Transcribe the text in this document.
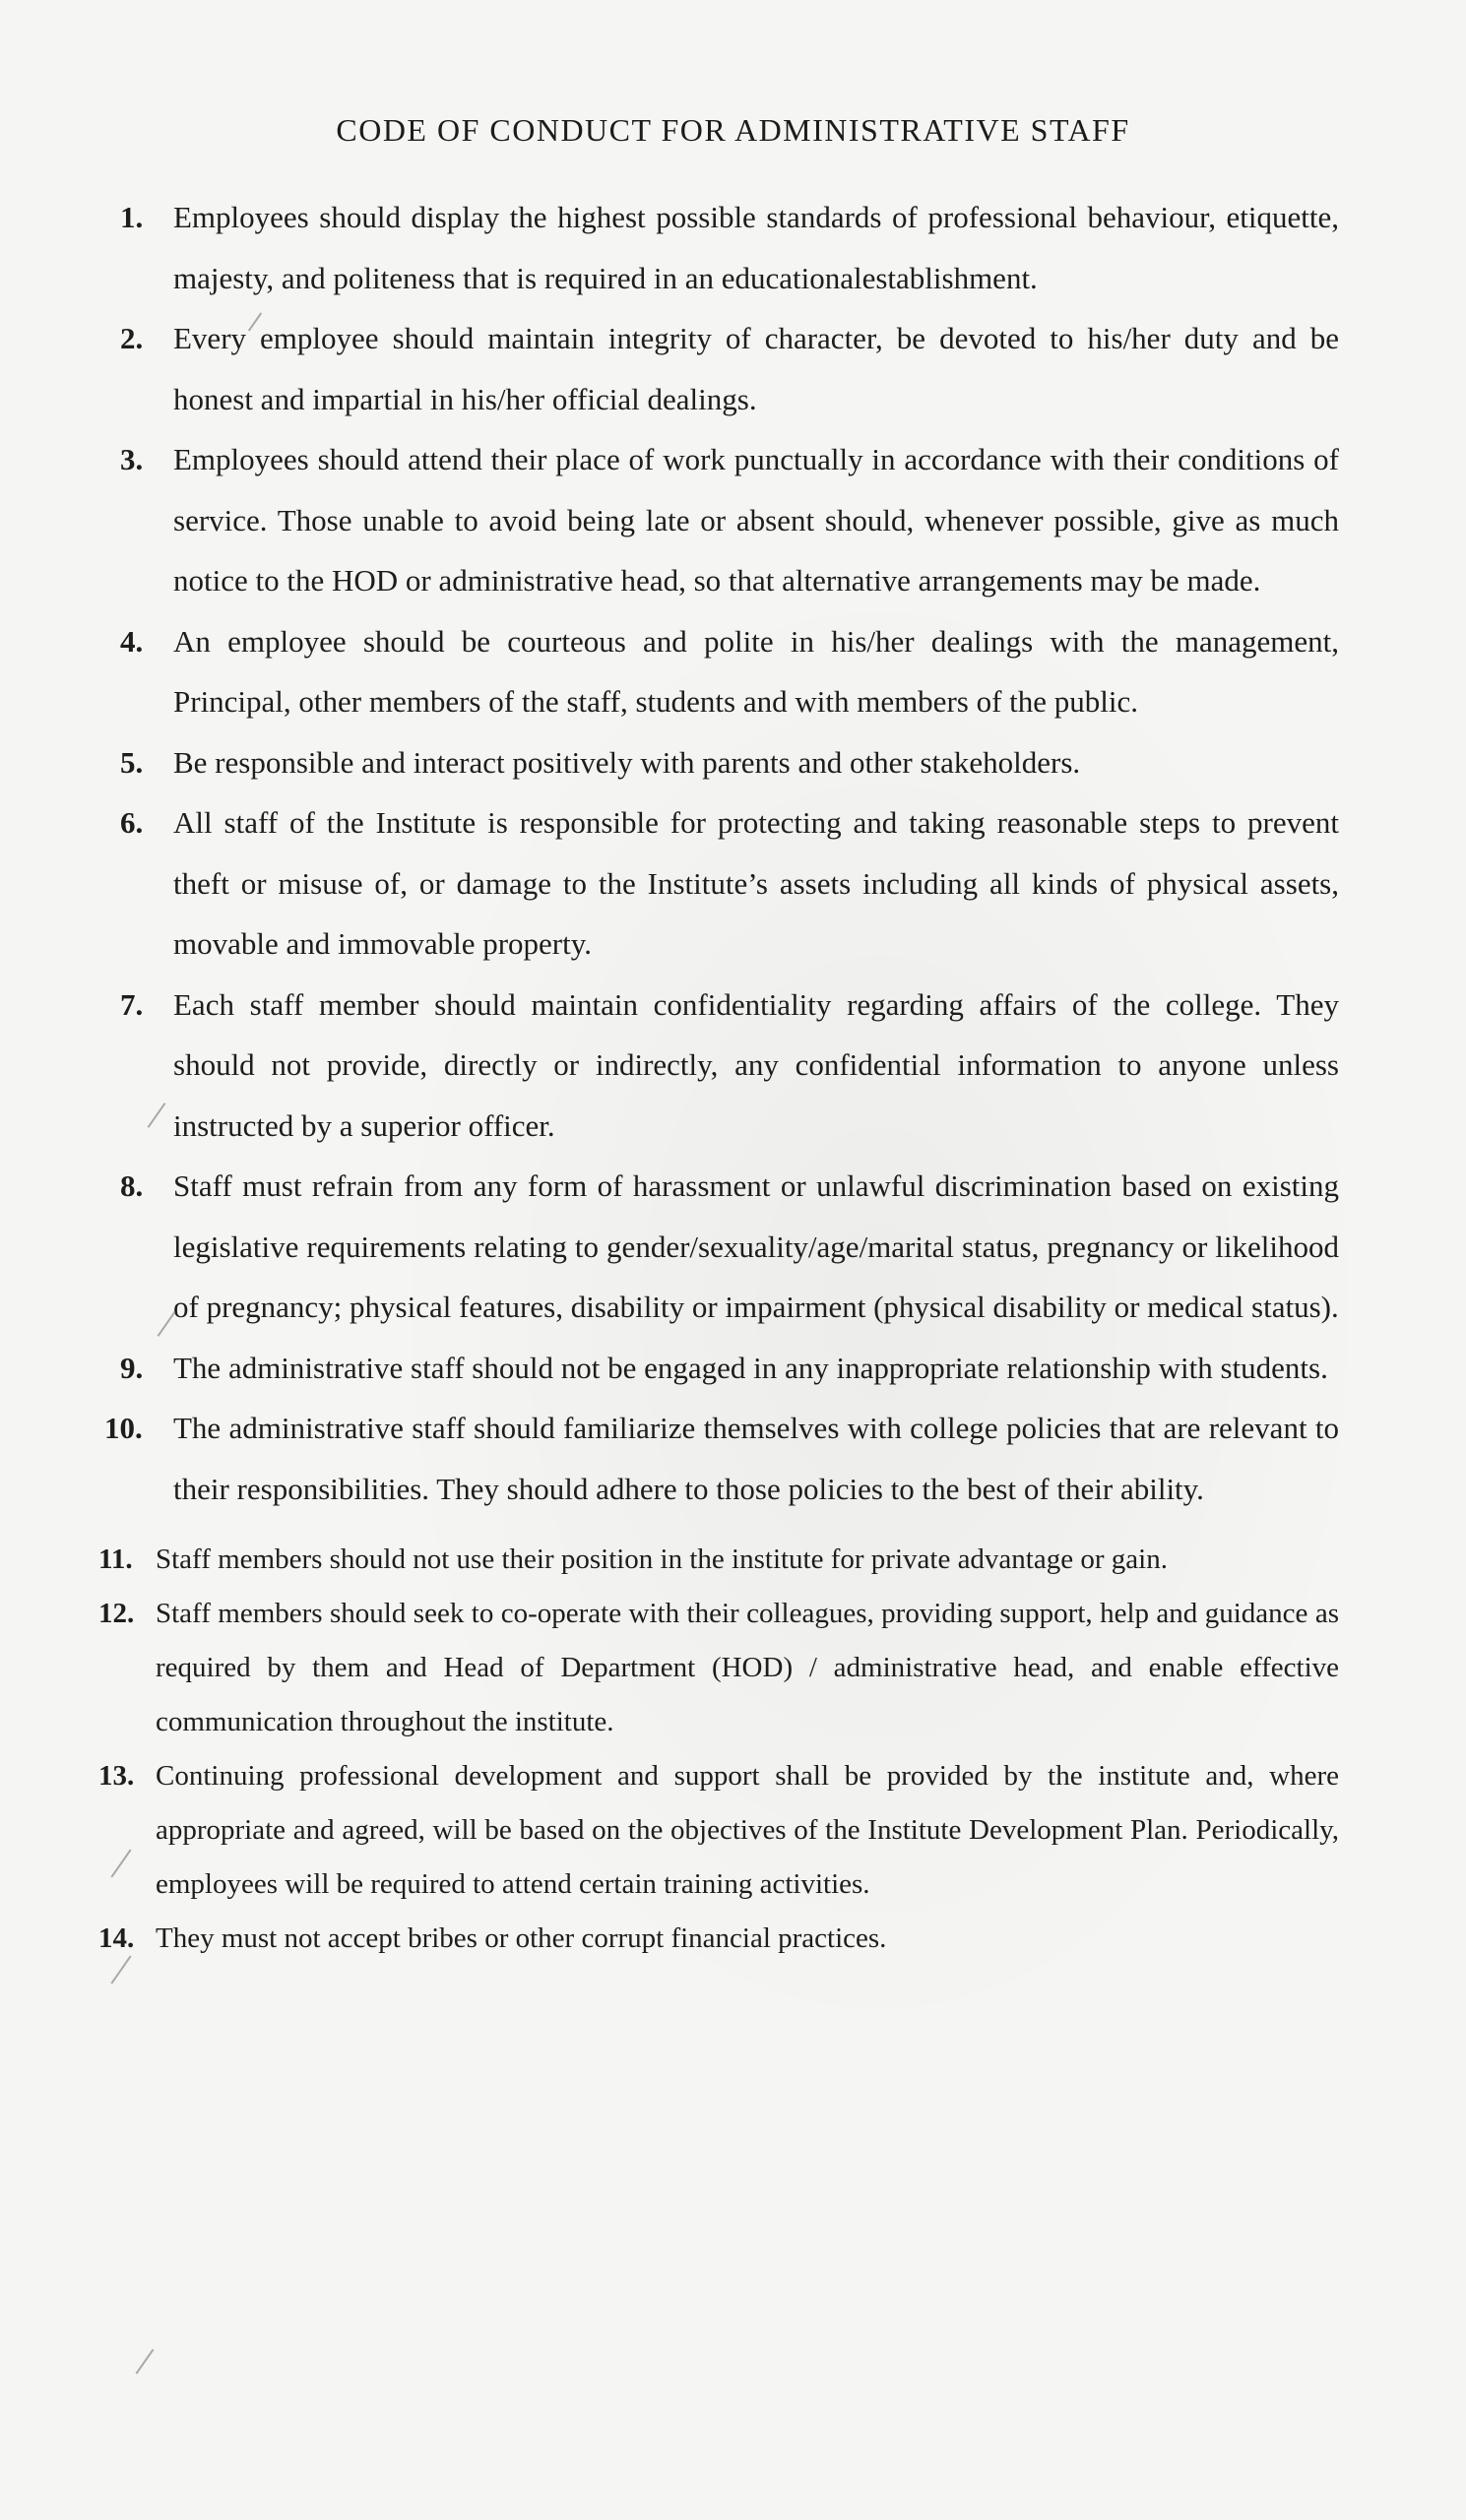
CODE OF CONDUCT FOR ADMINISTRATIVE STAFF
1. Employees should display the highest possible standards of professional behaviour, etiquette, majesty, and politeness that is required in an educationalestablishment.
2. Every employee should maintain integrity of character, be devoted to his/her duty and be honest and impartial in his/her official dealings.
3. Employees should attend their place of work punctually in accordance with their conditions of service. Those unable to avoid being late or absent should, whenever possible, give as much notice to the HOD or administrative head, so that alternative arrangements may be made.
4. An employee should be courteous and polite in his/her dealings with the management, Principal, other members of the staff, students and with members of the public.
5. Be responsible and interact positively with parents and other stakeholders.
6. All staff of the Institute is responsible for protecting and taking reasonable steps to prevent theft or misuse of, or damage to the Institute’s assets including all kinds of physical assets, movable and immovable property.
7. Each staff member should maintain confidentiality regarding affairs of the college. They should not provide, directly or indirectly, any confidential information to anyone unless instructed by a superior officer.
8. Staff must refrain from any form of harassment or unlawful discrimination based on existing legislative requirements relating to gender/sexuality/age/marital status, pregnancy or likelihood of pregnancy; physical features, disability or impairment (physical disability or medical status).
9. The administrative staff should not be engaged in any inappropriate relationship with students.
10. The administrative staff should familiarize themselves with college policies that are relevant to their responsibilities. They should adhere to those policies to the best of their ability.
11. Staff members should not use their position in the institute for private advantage or gain.
12. Staff members should seek to co-operate with their colleagues, providing support, help and guidance as required by them and Head of Department (HOD) / administrative head, and enable effective communication throughout the institute.
13. Continuing professional development and support shall be provided by the institute and, where appropriate and agreed, will be based on the objectives of the Institute Development Plan. Periodically, employees will be required to attend certain training activities.
14. They must not accept bribes or other corrupt financial practices.
